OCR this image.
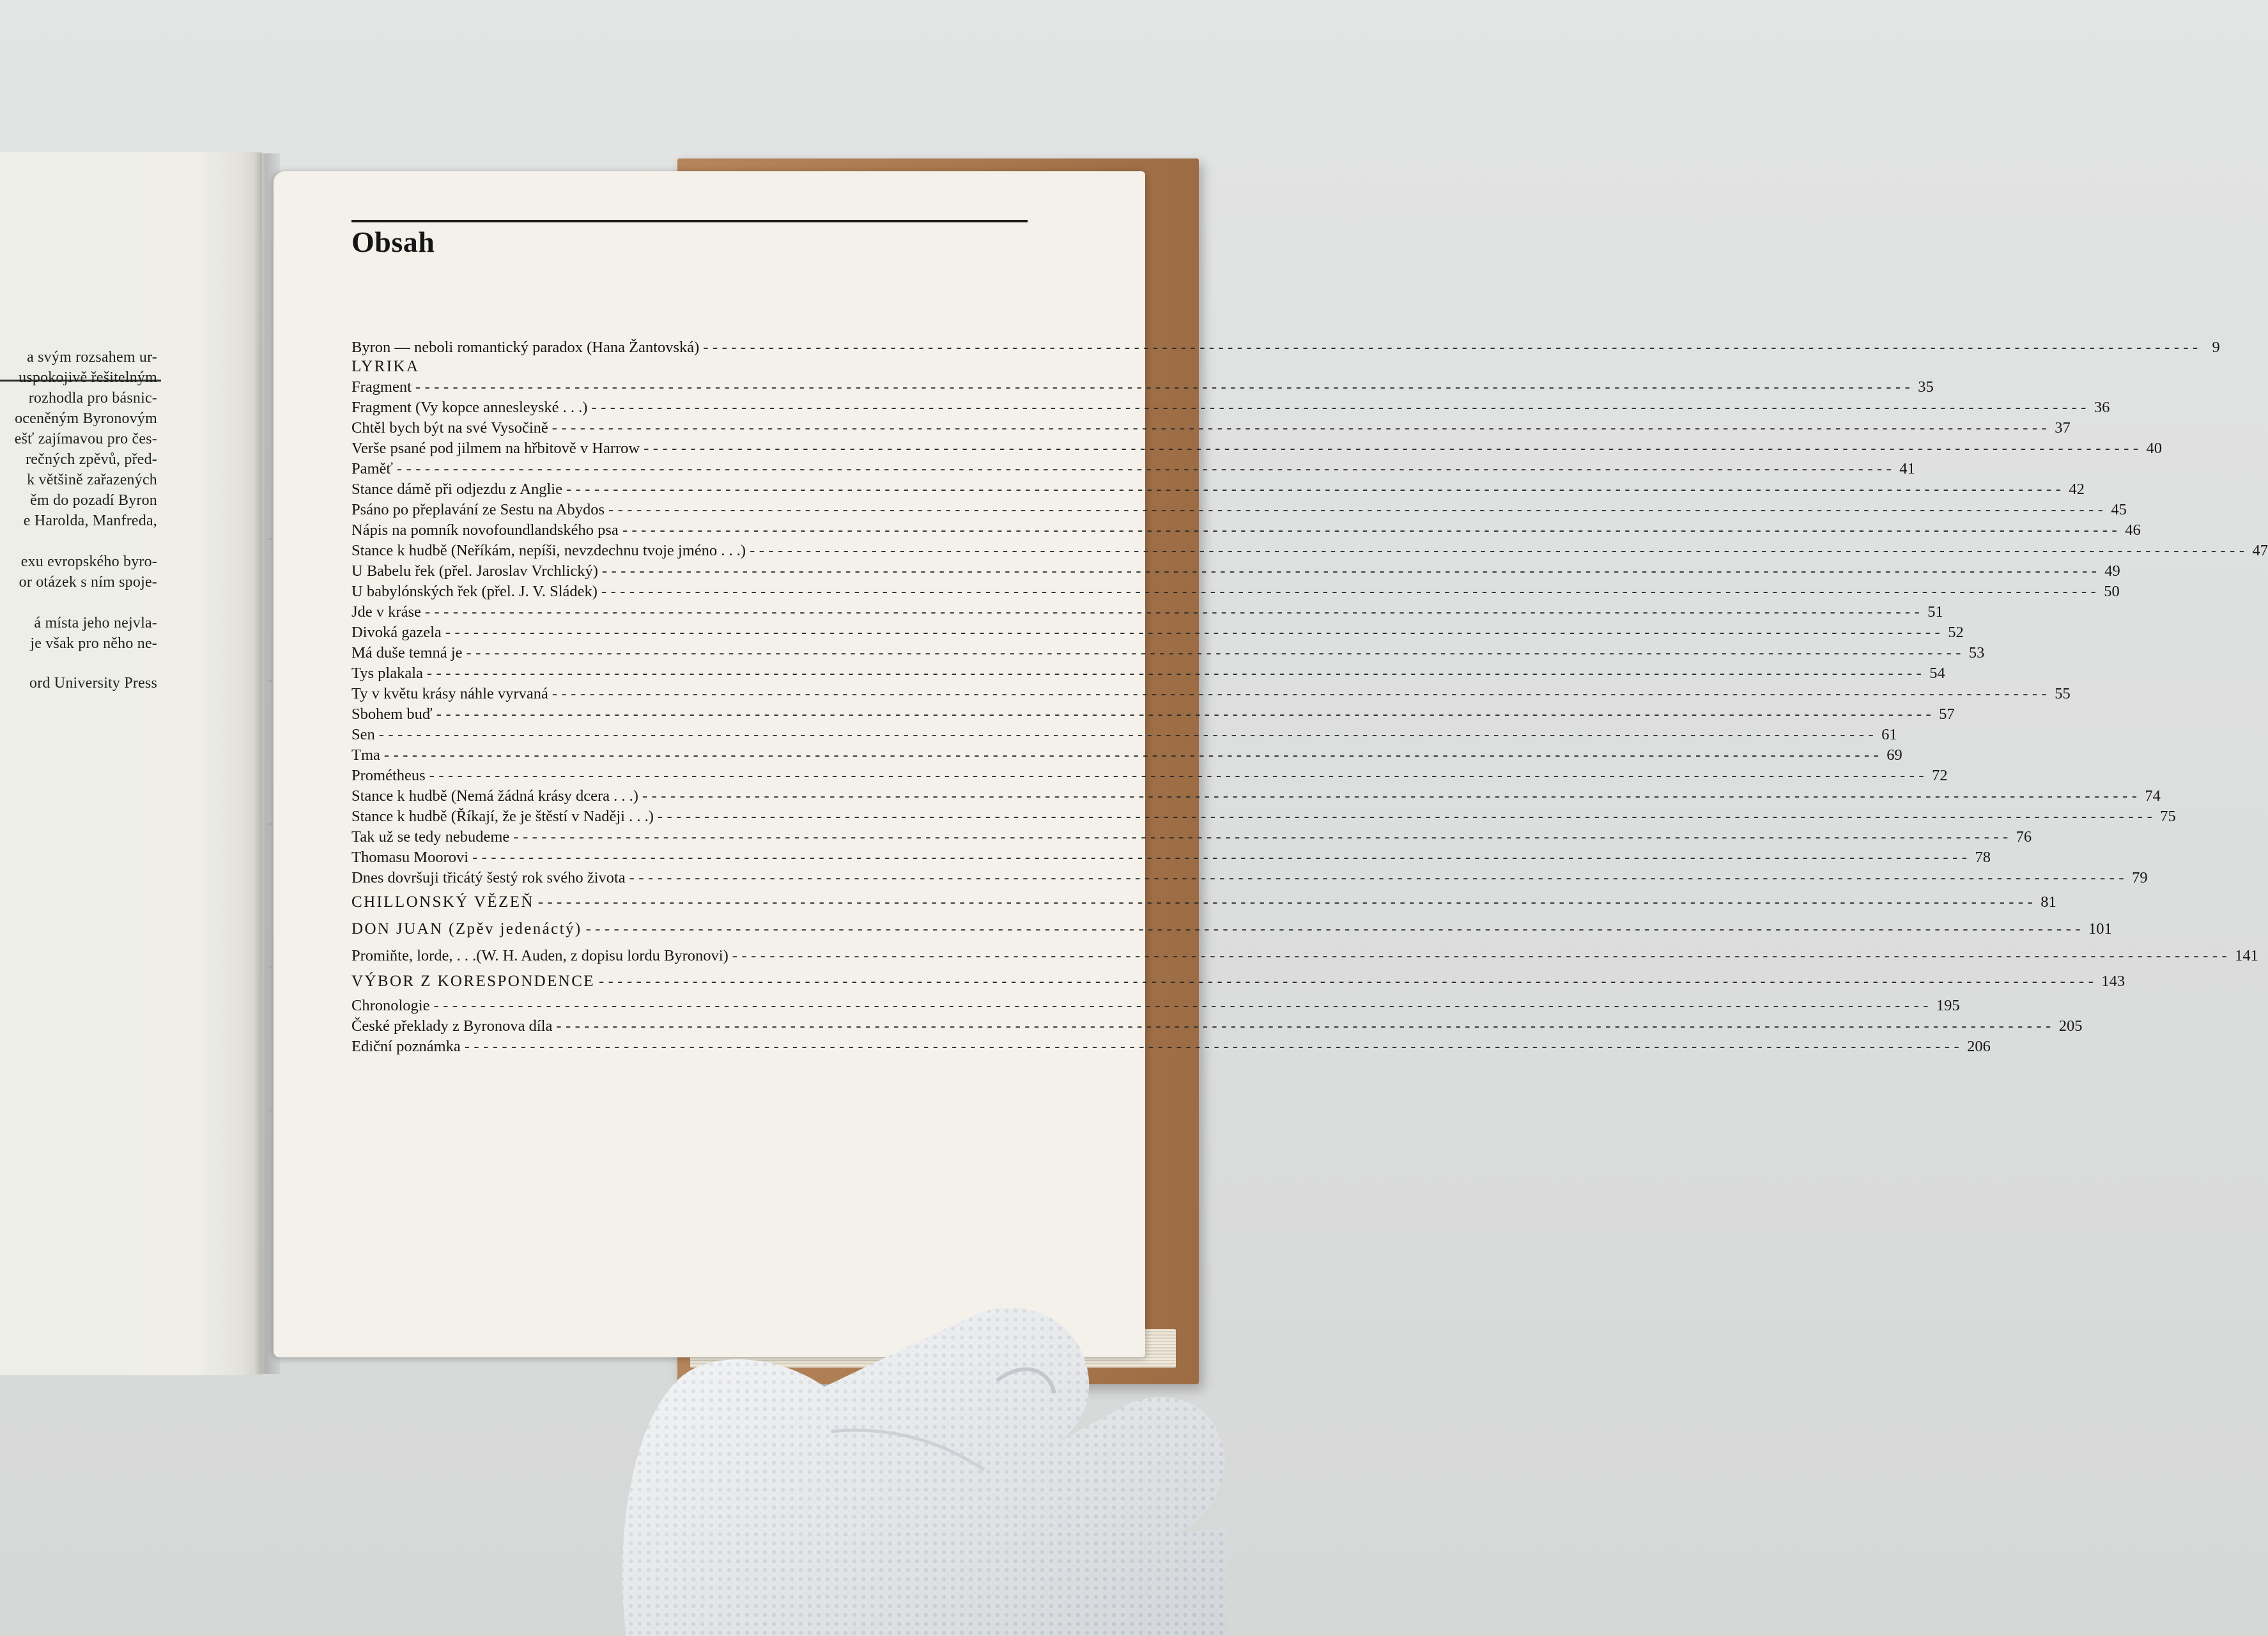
a svým rozsahem ur-
uspokojivě řešitelným
rozhodla pro básnic-
oceněným Byronovým
ešť zajímavou pro čes-
rečných zpěvů, před-
k většině zařazených
ěm do pozadí Byron
e Harolda, Manfreda,
exu evropského byro-
or otázek s ním spoje-
á místa jeho nejvla-
je však pro něho ne-
ord University Press
Obsah
Byron — neboli romantický paradox (Hana Žantovská) ---------------------------------------------------------------------------------------------------------------------------------------------------------------- 9
LYRIKA
Fragment ---------------------------------------------------------------------------------------------------------------------------------------------------------------- 35
Fragment (Vy kopce annesleyské . . .) ---------------------------------------------------------------------------------------------------------------------------------------------------------------- 36
Chtěl bych být na své Vysočině ---------------------------------------------------------------------------------------------------------------------------------------------------------------- 37
Verše psané pod jilmem na hřbitově v Harrow ---------------------------------------------------------------------------------------------------------------------------------------------------------------- 40
Paměť ---------------------------------------------------------------------------------------------------------------------------------------------------------------- 41
Stance dámě při odjezdu z Anglie ---------------------------------------------------------------------------------------------------------------------------------------------------------------- 42
Psáno po přeplavání ze Sestu na Abydos ---------------------------------------------------------------------------------------------------------------------------------------------------------------- 45
Nápis na pomník novofoundlandského psa ---------------------------------------------------------------------------------------------------------------------------------------------------------------- 46
Stance k hudbě (Neříkám, nepíši, nevzdechnu tvoje jméno . . .) ---------------------------------------------------------------------------------------------------------------------------------------------------------------- 47
U Babelu řek (přel. Jaroslav Vrchlický) ---------------------------------------------------------------------------------------------------------------------------------------------------------------- 49
U babylónských řek (přel. J. V. Sládek) ---------------------------------------------------------------------------------------------------------------------------------------------------------------- 50
Jde v kráse ---------------------------------------------------------------------------------------------------------------------------------------------------------------- 51
Divoká gazela ---------------------------------------------------------------------------------------------------------------------------------------------------------------- 52
Má duše temná je ---------------------------------------------------------------------------------------------------------------------------------------------------------------- 53
Tys plakala ---------------------------------------------------------------------------------------------------------------------------------------------------------------- 54
Ty v květu krásy náhle vyrvaná ---------------------------------------------------------------------------------------------------------------------------------------------------------------- 55
Sbohem buď ---------------------------------------------------------------------------------------------------------------------------------------------------------------- 57
Sen ---------------------------------------------------------------------------------------------------------------------------------------------------------------- 61
Tma ---------------------------------------------------------------------------------------------------------------------------------------------------------------- 69
Prométheus ---------------------------------------------------------------------------------------------------------------------------------------------------------------- 72
Stance k hudbě (Nemá žádná krásy dcera . . .) ---------------------------------------------------------------------------------------------------------------------------------------------------------------- 74
Stance k hudbě (Říkají, že je štěstí v Naději . . .) ---------------------------------------------------------------------------------------------------------------------------------------------------------------- 75
Tak už se tedy nebudeme ---------------------------------------------------------------------------------------------------------------------------------------------------------------- 76
Thomasu Moorovi ---------------------------------------------------------------------------------------------------------------------------------------------------------------- 78
Dnes dovršuji třicátý šestý rok svého života ---------------------------------------------------------------------------------------------------------------------------------------------------------------- 79
CHILLONSKÝ VĚZEŇ ---------------------------------------------------------------------------------------------------------------------------------------------------------------- 81
DON JUAN (Zpěv jedenáctý) ---------------------------------------------------------------------------------------------------------------------------------------------------------------- 101
Promiňte, lorde, . . .(W. H. Auden, z dopisu lordu Byronovi) ---------------------------------------------------------------------------------------------------------------------------------------------------------------- 141
VÝBOR Z KORESPONDENCE ---------------------------------------------------------------------------------------------------------------------------------------------------------------- 143
Chronologie ---------------------------------------------------------------------------------------------------------------------------------------------------------------- 195
České překlady z Byronova díla ---------------------------------------------------------------------------------------------------------------------------------------------------------------- 205
Ediční poznámka ---------------------------------------------------------------------------------------------------------------------------------------------------------------- 206
